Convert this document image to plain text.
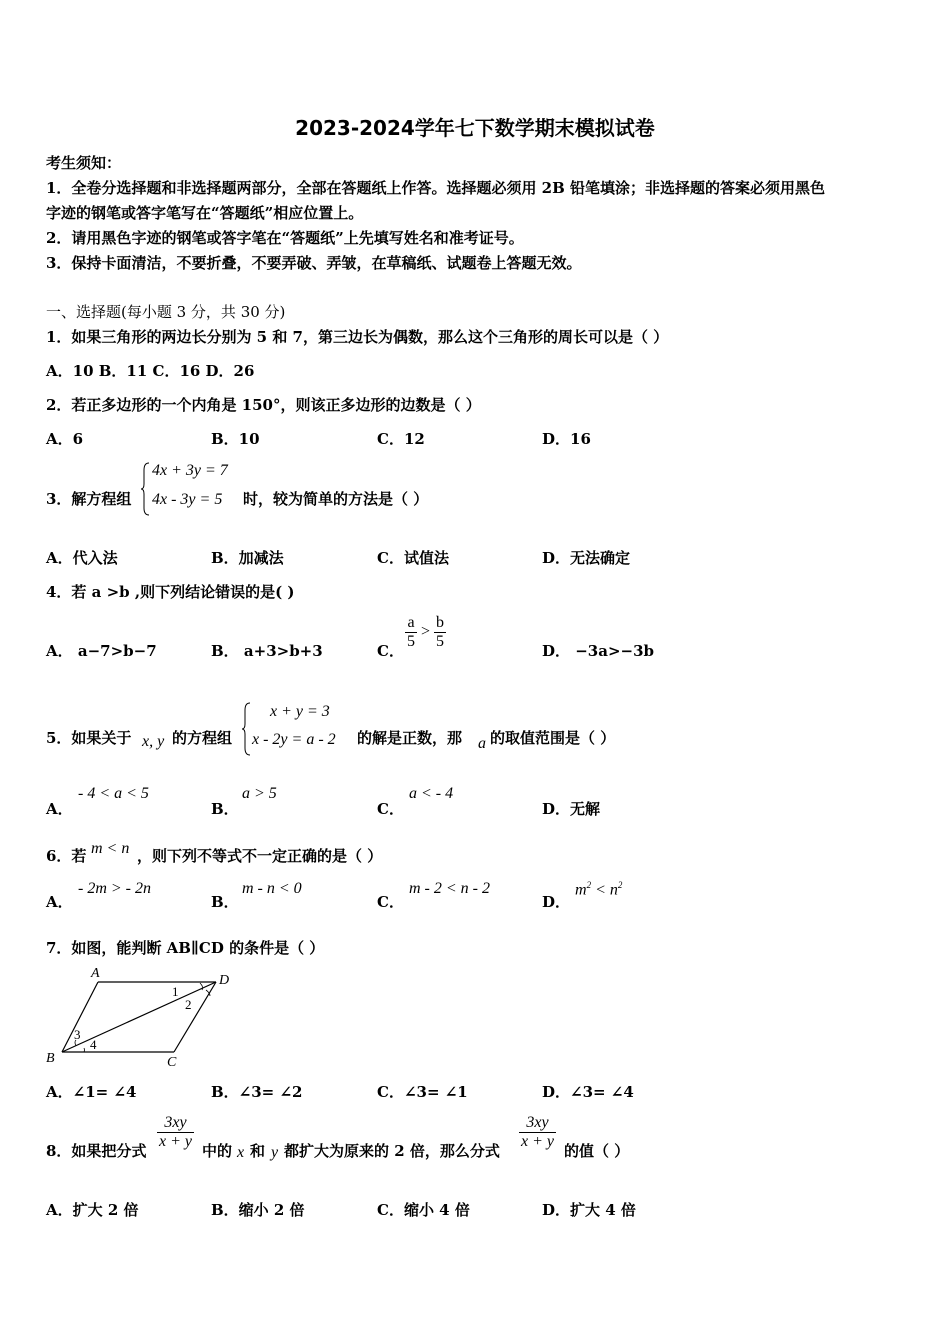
2023-2024学年七下数学期末模拟试卷
考生须知：
1．全卷分选择题和非选择题两部分，全部在答题纸上作答。选择题必须用 2B 铅笔填涂；非选择题的答案必须用黑色
字迹的钢笔或答字笔写在“答题纸”相应位置上。
2．请用黑色字迹的钢笔或答字笔在“答题纸”上先填写姓名和准考证号。
3．保持卡面清洁，不要折叠，不要弄破、弄皱，在草稿纸、试题卷上答题无效。
一、选择题(每小题 3 分，共 30 分)
1．如果三角形的两边长分别为 5 和 7，第三边长为偶数，那么这个三角形的周长可以是（ ）
A．10 B．11 C．16 D．26
2．若正多边形的一个内角是 150°，则该正多边形的边数是（ ）
A．6	B．10	C．12	D．16
3．解方程组
4x + 3y = 7
4x - 3y = 5 时，较为简单的方法是（ ）
A．代入法	B．加减法	C．试值法	D．无法确定
4．若 a >b ,则下列结论错误的是( )
A． a−7>b−7	B． a+3>b+3	C． $\frac{a}{5} > \frac{b}{5}$	D． −3a>−3b
5．如果关于 x, y 的方程组
x + y = 3
x - 2y = a - 2 的解是正数，那 a 的取值范围是（ ）
A．
- 4 < a < 5
B．
a > 5
C．
a < - 4
D．无解
6．若 m < n ，则下列不等式不一定正确的是（ ）
A．
- 2m > - 2n
B．
m - n < 0
C．
m - 2 < n - 2
D．
$m^2 < n^2$
7．如图，能判断 AB∥CD 的条件是（ ）
A	D
B	C
1
2
3
4
A．∠1= ∠4	B．∠3= ∠2	C．∠3= ∠1	D．∠3= ∠4
8．如果把分式 $\frac{3xy}{x + y}$ 中的 x 和 y 都扩大为原来的 2 倍，那么分式 $\frac{3xy}{x + y}$ 的值（ ）
A．扩大 2 倍	B．缩小 2 倍	C．缩小 4 倍	D．扩大 4 倍
